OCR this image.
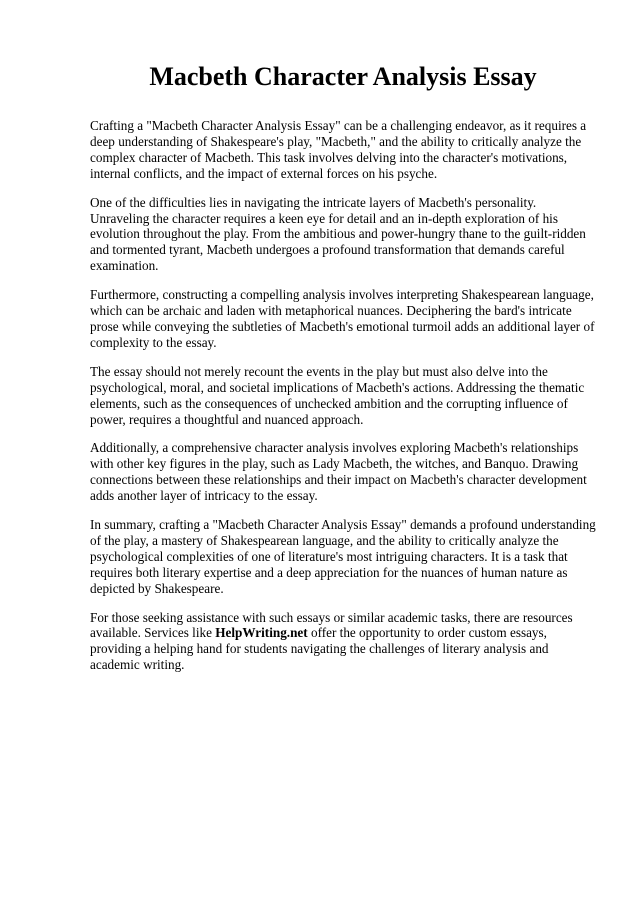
Macbeth Character Analysis Essay

Crafting a "Macbeth Character Analysis Essay" can be a challenging endeavor, as it requires a deep understanding of Shakespeare's play, "Macbeth," and the ability to critically analyze the complex character of Macbeth. This task involves delving into the character's motivations, internal conflicts, and the impact of external forces on his psyche.

One of the difficulties lies in navigating the intricate layers of Macbeth's personality. Unraveling the character requires a keen eye for detail and an in-depth exploration of his evolution throughout the play. From the ambitious and power-hungry thane to the guilt-ridden and tormented tyrant, Macbeth undergoes a profound transformation that demands careful examination.

Furthermore, constructing a compelling analysis involves interpreting Shakespearean language, which can be archaic and laden with metaphorical nuances. Deciphering the bard's intricate prose while conveying the subtleties of Macbeth's emotional turmoil adds an additional layer of complexity to the essay.

The essay should not merely recount the events in the play but must also delve into the psychological, moral, and societal implications of Macbeth's actions. Addressing the thematic elements, such as the consequences of unchecked ambition and the corrupting influence of power, requires a thoughtful and nuanced approach.

Additionally, a comprehensive character analysis involves exploring Macbeth's relationships with other key figures in the play, such as Lady Macbeth, the witches, and Banquo. Drawing connections between these relationships and their impact on Macbeth's character development adds another layer of intricacy to the essay.

In summary, crafting a "Macbeth Character Analysis Essay" demands a profound understanding of the play, a mastery of Shakespearean language, and the ability to critically analyze the psychological complexities of one of literature's most intriguing characters. It is a task that requires both literary expertise and a deep appreciation for the nuances of human nature as depicted by Shakespeare.

For those seeking assistance with such essays or similar academic tasks, there are resources available. Services like HelpWriting.net offer the opportunity to order custom essays, providing a helping hand for students navigating the challenges of literary analysis and academic writing.
